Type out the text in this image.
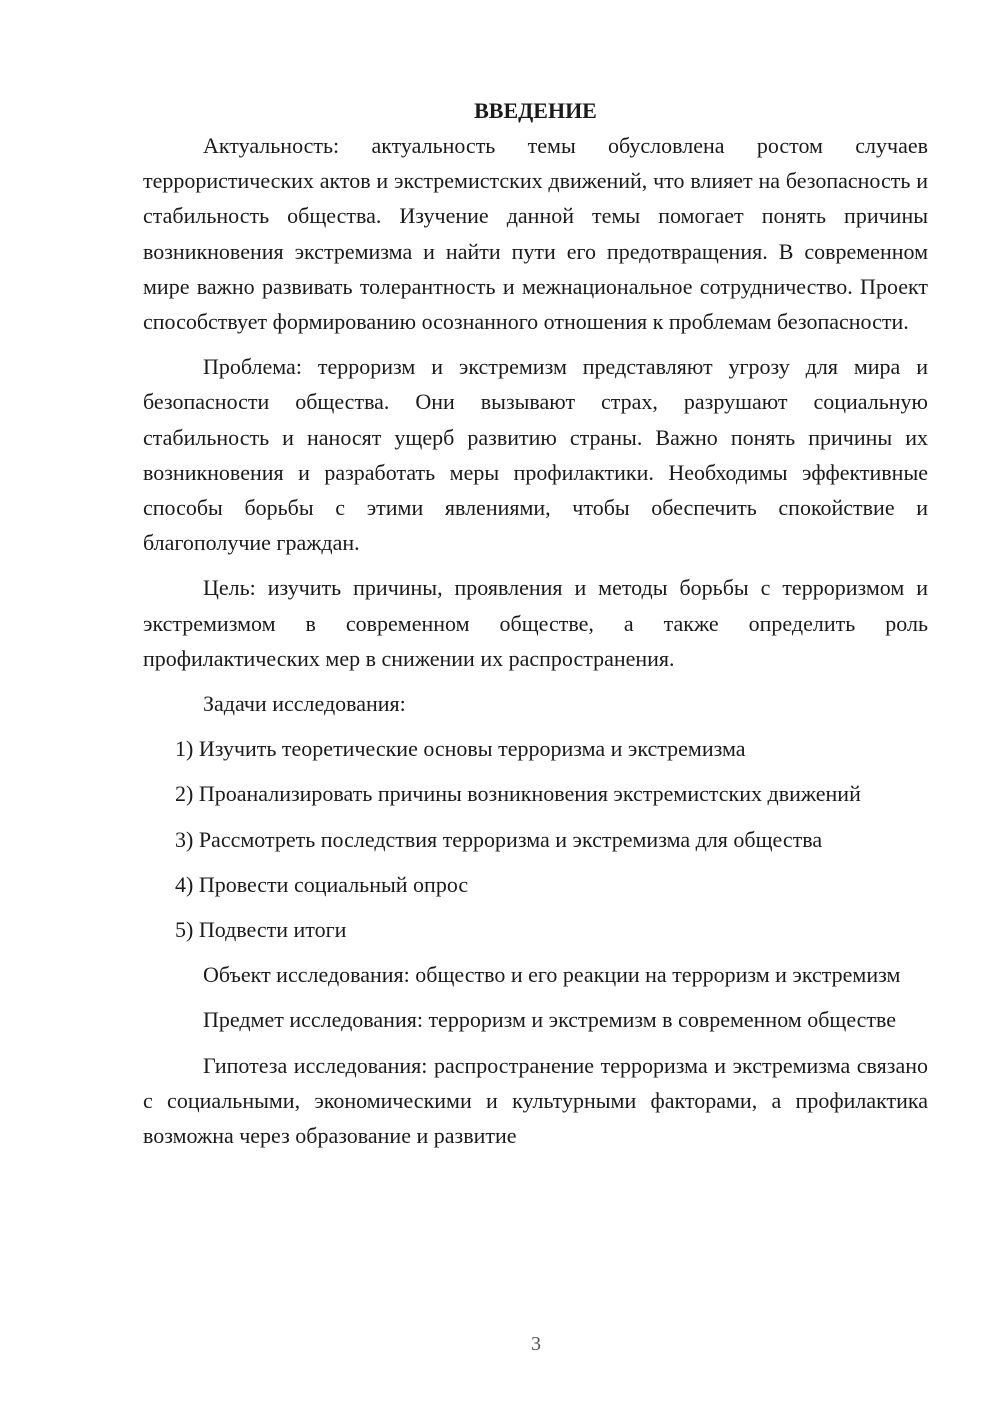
ВВЕДЕНИЕ

Актуальность: актуальность темы обусловлена ростом случаев террористических актов и экстремистских движений, что влияет на безопасность и стабильность общества. Изучение данной темы помогает понять причины возникновения экстремизма и найти пути его предотвращения. В современном мире важно развивать толерантность и межнациональное сотрудничество. Проект способствует формированию осознанного отношения к проблемам безопасности.

Проблема: терроризм и экстремизм представляют угрозу для мира и безопасности общества. Они вызывают страх, разрушают социальную стабильность и наносят ущерб развитию страны. Важно понять причины их возникновения и разработать меры профилактики. Необходимы эффективные способы борьбы с этими явлениями, чтобы обеспечить спокойствие и благополучие граждан.

Цель: изучить причины, проявления и методы борьбы с терроризмом и экстремизмом в современном обществе, а также определить роль профилактических мер в снижении их распространения.

Задачи исследования:

1) Изучить теоретические основы терроризма и экстремизма

2) Проанализировать причины возникновения экстремистских движений

3) Рассмотреть последствия терроризма и экстремизма для общества

4) Провести социальный опрос

5) Подвести итоги

Объект исследования: общество и его реакции на терроризм и экстремизм

Предмет исследования: терроризм и экстремизм в современном обществе

Гипотеза исследования: распространение терроризма и экстремизма связано с социальными, экономическими и культурными факторами, а профилактика возможна через образование и развитие

3
